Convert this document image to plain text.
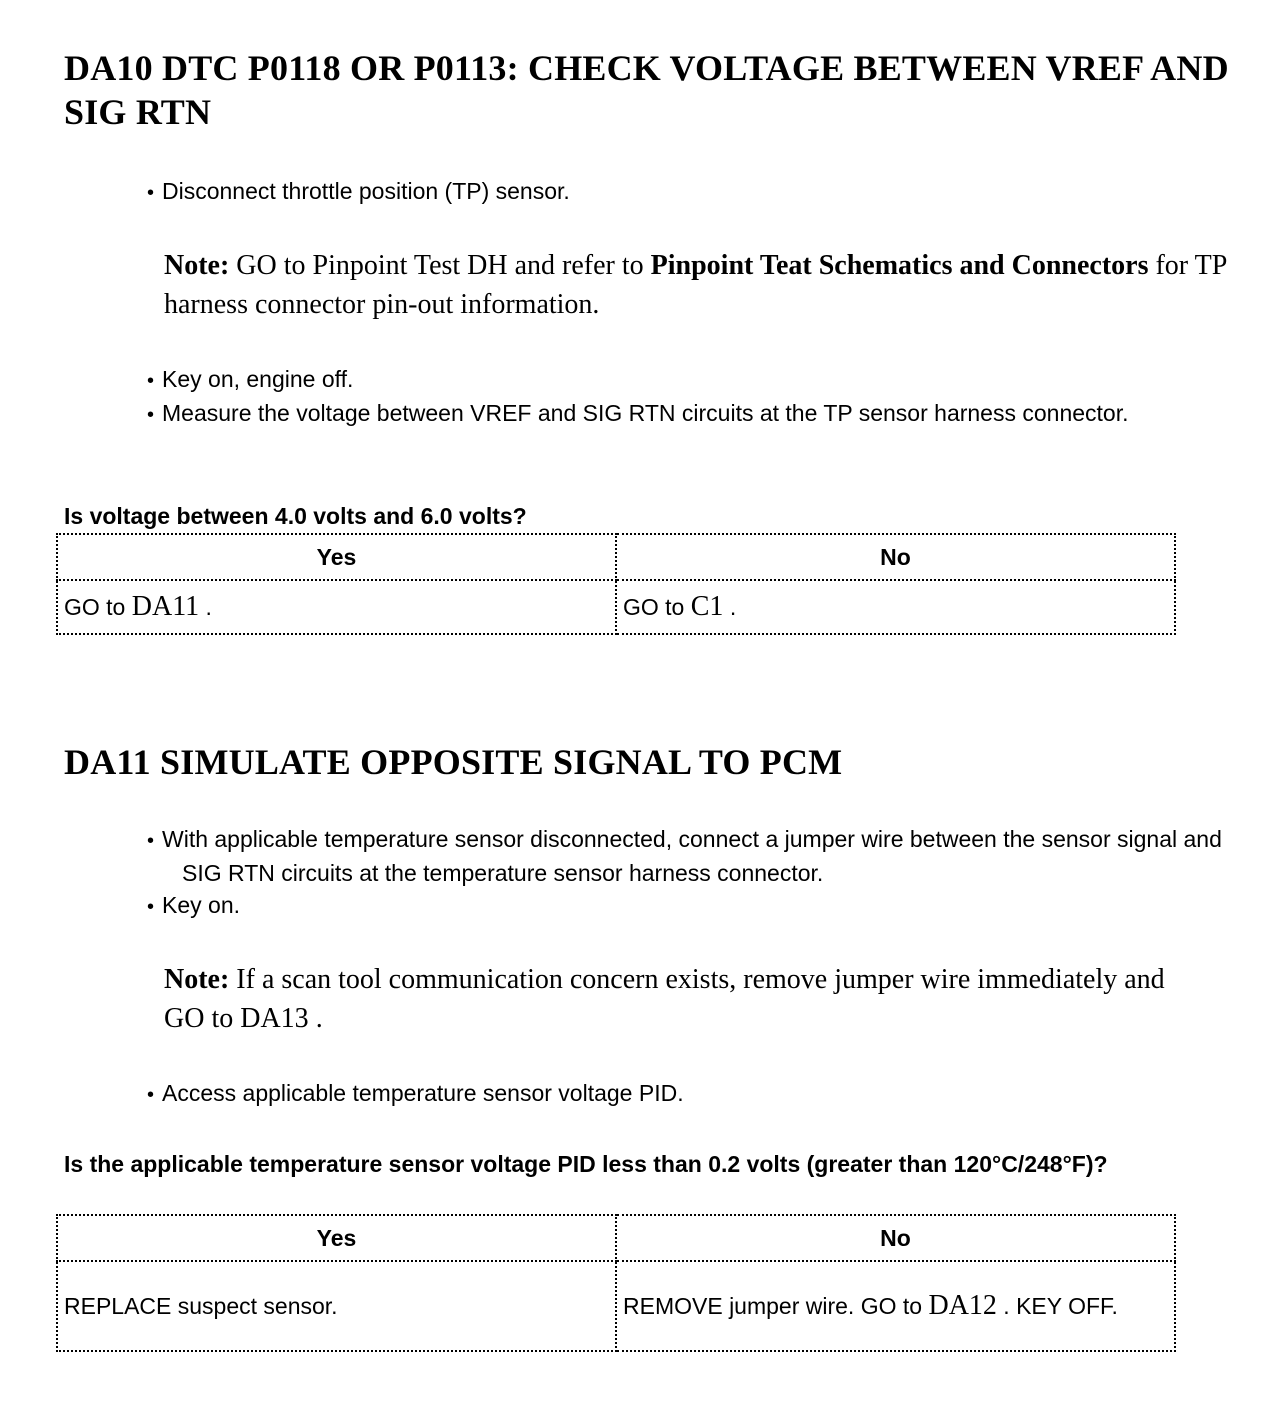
DA10 DTC P0118 OR P0113: CHECK VOLTAGE BETWEEN VREF AND SIG RTN
• Disconnect throttle position (TP) sensor.

Note: GO to Pinpoint Test DH and refer to Pinpoint Teat Schematics and Connectors for TP harness connector pin-out information.

• Key on, engine off.
• Measure the voltage between VREF and SIG RTN circuits at the TP sensor harness connector.

Is voltage between 4.0 volts and 6.0 volts?

Yes	No
GO to DA11 .	GO to C1 .
DA11 SIMULATE OPPOSITE SIGNAL TO PCM
• With applicable temperature sensor disconnected, connect a jumper wire between the sensor signal and SIG RTN circuits at the temperature sensor harness connector.
• Key on.

Note: If a scan tool communication concern exists, remove jumper wire immediately and GO to DA13 .

• Access applicable temperature sensor voltage PID.

Is the applicable temperature sensor voltage PID less than 0.2 volts (greater than 120°C/248°F)?

Yes	No
REPLACE suspect sensor.	REMOVE jumper wire. GO to DA12 . KEY OFF.
